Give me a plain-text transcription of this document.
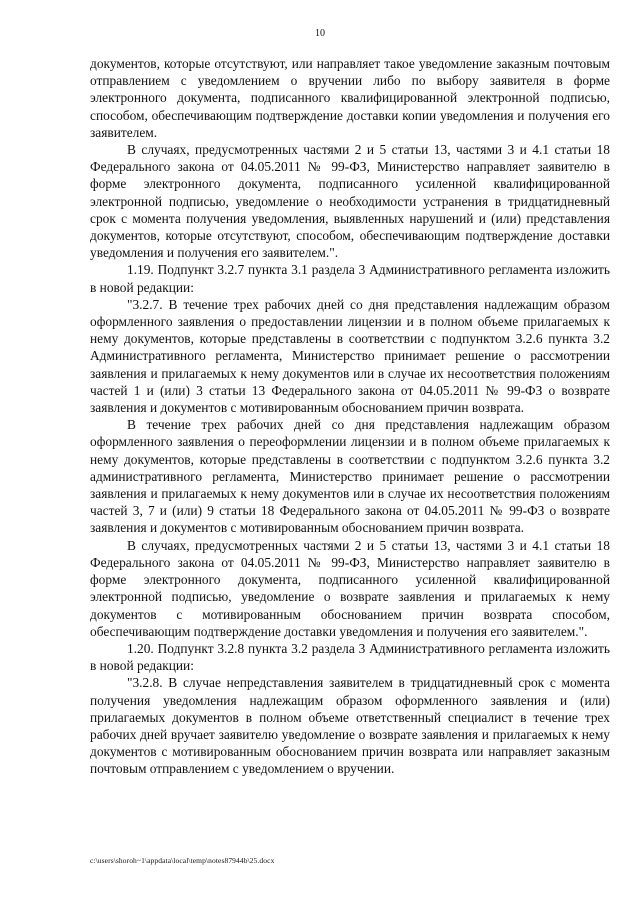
10

документов, которые отсутствуют, или направляет такое уведомление заказным почтовым отправлением с уведомлением о вручении либо по выбору заявителя в форме электронного документа, подписанного квалифицированной электронной подписью, способом, обеспечивающим подтверждение доставки копии уведомления и получения его заявителем.

В случаях, предусмотренных частями 2 и 5 статьи 13, частями 3 и 4.1 статьи 18 Федерального закона от 04.05.2011 № 99-ФЗ, Министерство направляет заявителю в форме электронного документа, подписанного усиленной квалифицированной электронной подписью, уведомление о необходимости устранения в тридцатидневный срок с момента получения уведомления, выявленных нарушений и (или) представления документов, которые отсутствуют, способом, обеспечивающим подтверждение доставки уведомления и получения его заявителем.".

1.19. Подпункт 3.2.7 пункта 3.1 раздела 3 Административного регламента изложить в новой редакции:

"3.2.7. В течение трех рабочих дней со дня представления надлежащим образом оформленного заявления о предоставлении лицензии и в полном объеме прилагаемых к нему документов, которые представлены в соответствии с подпунктом 3.2.6 пункта 3.2 Административного регламента, Министерство принимает решение о рассмотрении заявления и прилагаемых к нему документов или в случае их несоответствия положениям частей 1 и (или) 3 статьи 13 Федерального закона от 04.05.2011 № 99-ФЗ о возврате заявления и документов с мотивированным обоснованием причин возврата.

В течение трех рабочих дней со дня представления надлежащим образом оформленного заявления о переоформлении лицензии и в полном объеме прилагаемых к нему документов, которые представлены в соответствии с подпунктом 3.2.6 пункта 3.2 административного регламента, Министерство принимает решение о рассмотрении заявления и прилагаемых к нему документов или в случае их несоответствия положениям частей 3, 7 и (или) 9 статьи 18 Федерального закона от 04.05.2011 № 99-ФЗ о возврате заявления и документов с мотивированным обоснованием причин возврата.

В случаях, предусмотренных частями 2 и 5 статьи 13, частями 3 и 4.1 статьи 18 Федерального закона от 04.05.2011 № 99-ФЗ, Министерство направляет заявителю в форме электронного документа, подписанного усиленной квалифицированной электронной подписью, уведомление о возврате заявления и прилагаемых к нему документов с мотивированным обоснованием причин возврата способом, обеспечивающим подтверждение доставки уведомления и получения его заявителем.".

1.20. Подпункт 3.2.8 пункта 3.2 раздела 3 Административного регламента изложить в новой редакции:

"3.2.8. В случае непредставления заявителем в тридцатидневный срок с момента получения уведомления надлежащим образом оформленного заявления и (или) прилагаемых документов в полном объеме ответственный специалист в течение трех рабочих дней вручает заявителю уведомление о возврате заявления и прилагаемых к нему документов с мотивированным обоснованием причин возврата или направляет заказным почтовым отправлением с уведомлением о вручении.

c:\users\shoroh~1\appdata\local\temp\notes87944b\25.docx
